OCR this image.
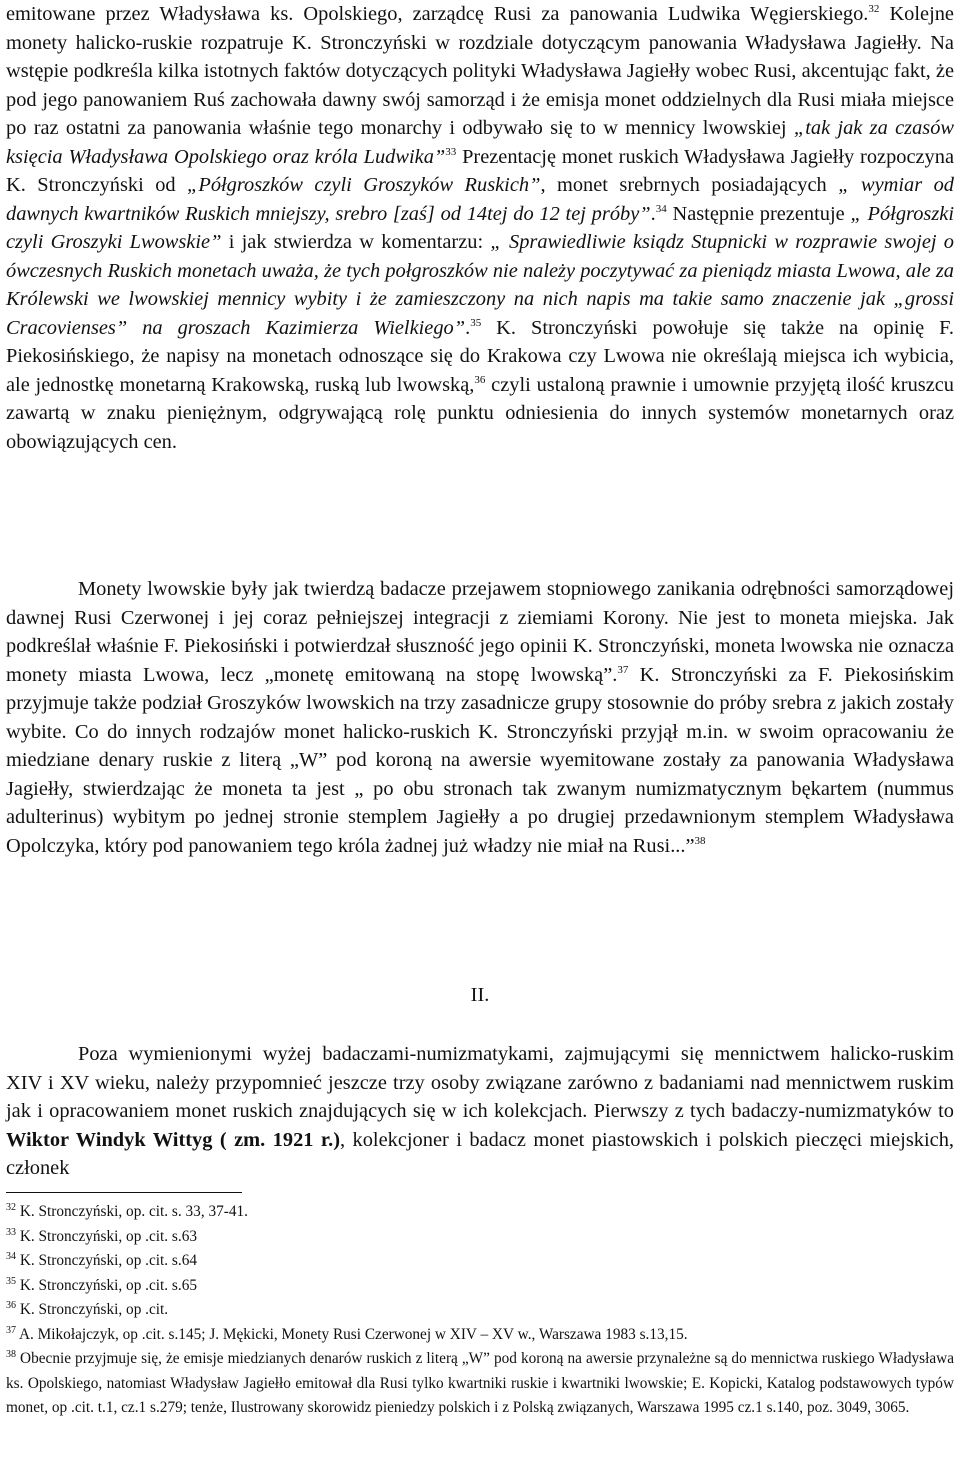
emitowane przez Władysława ks. Opolskiego, zarządcę Rusi za panowania Ludwika Węgierskiego.$^{32}$ Kolejne monety halicko-ruskie rozpatruje K. Stronczyński w rozdziale dotyczącym panowania Władysława Jagiełły. Na wstępie podkreśla kilka istotnych faktów dotyczących polityki Władysława Jagiełły wobec Rusi, akcentując fakt, że pod jego panowaniem Ruś zachowała dawny swój samorząd i że emisja monet oddzielnych dla Rusi miała miejsce po raz ostatni za panowania właśnie tego monarchy i odbywało się to w mennicy lwowskiej „tak jak za czasów księcia Władysława Opolskiego oraz króla Ludwika”$^{33}$ Prezentację monet ruskich Władysława Jagiełły rozpoczyna K. Stronczyński od „Półgroszków czyli Groszyków Ruskich”, monet srebrnych posiadających „ wymiar od dawnych kwartników Ruskich mniejszy, srebro [zaś] od 14tej do 12 tej próby”.$^{34}$ Następnie prezentuje „ Półgroszki czyli Groszyki Lwowskie” i jak stwierdza w komentarzu: „ Sprawiedliwie ksiądz Stupnicki w rozprawie swojej o ówczesnych Ruskich monetach uważa, że tych połgroszków nie należy poczytywać za pieniądz miasta Lwowa, ale za Królewski we lwowskiej mennicy wybity i że zamieszczony na nich napis ma takie samo znaczenie jak „grossi Cracovienses” na groszach Kazimierza Wielkiego”.$^{35}$ K. Stronczyński powołuje się także na opinię F. Piekosińskiego, że napisy na monetach odnoszące się do Krakowa czy Lwowa nie określają miejsca ich wybicia, ale jednostkę monetarną Krakowską, ruską lub lwowską,$^{36}$ czyli ustaloną prawnie i umownie przyjętą ilość kruszcu zawartą w znaku pieniężnym, odgrywającą rolę punktu odniesienia do innych systemów monetarnych oraz obowiązujących cen.

Monety lwowskie były jak twierdzą badacze przejawem stopniowego zanikania odrębności samorządowej dawnej Rusi Czerwonej i jej coraz pełniejszej integracji z ziemiami Korony. Nie jest to moneta miejska. Jak podkreślał właśnie F. Piekosiński i potwierdzał słuszność jego opinii K. Stronczyński, moneta lwowska nie oznacza monety miasta Lwowa, lecz „monetę emitowaną na stopę lwowską”.$^{37}$ K. Stronczyński za F. Piekosińskim przyjmuje także podział Groszyków lwowskich na trzy zasadnicze grupy stosownie do próby srebra z jakich zostały wybite. Co do innych rodzajów monet halicko-ruskich K. Stronczyński przyjął m.in. w swoim opracowaniu że miedziane denary ruskie z literą „W” pod koroną na awersie wyemitowane zostały za panowania Władysława Jagiełły, stwierdzając że moneta ta jest „ po obu stronach tak zwanym numizmatycznym bękartem (nummus adulterinus) wybitym po jednej stronie stemplem Jagiełły a po drugiej przedawnionym stemplem Władysława Opolczyka, który pod panowaniem tego króla żadnej już władzy nie miał na Rusi...”$^{38}$

II.

Poza wymienionymi wyżej badaczami-numizmatykami, zajmującymi się mennictwem halicko-ruskim XIV i XV wieku, należy przypomnieć jeszcze trzy osoby związane zarówno z badaniami nad mennictwem ruskim jak i opracowaniem monet ruskich znajdujących się w ich kolekcjach. Pierwszy z tych badaczy-numizmatyków to Wiktor Windyk Wittyg ( zm. 1921 r.), kolekcjoner i badacz monet piastowskich i polskich pieczęci miejskich, członek

$^{32}$ K. Stronczyński, op. cit. s. 33, 37-41.

$^{33}$ K. Stronczyński, op .cit. s.63

$^{34}$ K. Stronczyński, op .cit. s.64

$^{35}$ K. Stronczyński, op .cit. s.65

$^{36}$ K. Stronczyński, op .cit.

$^{37}$ A. Mikołajczyk, op .cit. s.145; J. Mękicki, Monety Rusi Czerwonej w XIV – XV w., Warszawa 1983 s.13,15.

$^{38}$ Obecnie przyjmuje się, że emisje miedzianych denarów ruskich z literą „W” pod koroną na awersie przynależne są do mennictwa ruskiego Władysława ks. Opolskiego, natomiast Władysław Jagiełło emitował dla Rusi tylko kwartniki ruskie i kwartniki lwowskie; E. Kopicki, Katalog podstawowych typów monet, op .cit. t.1, cz.1 s.279; tenże, Ilustrowany skorowidz pieniedzy polskich i z Polską związanych, Warszawa 1995 cz.1 s.140, poz. 3049, 3065.
